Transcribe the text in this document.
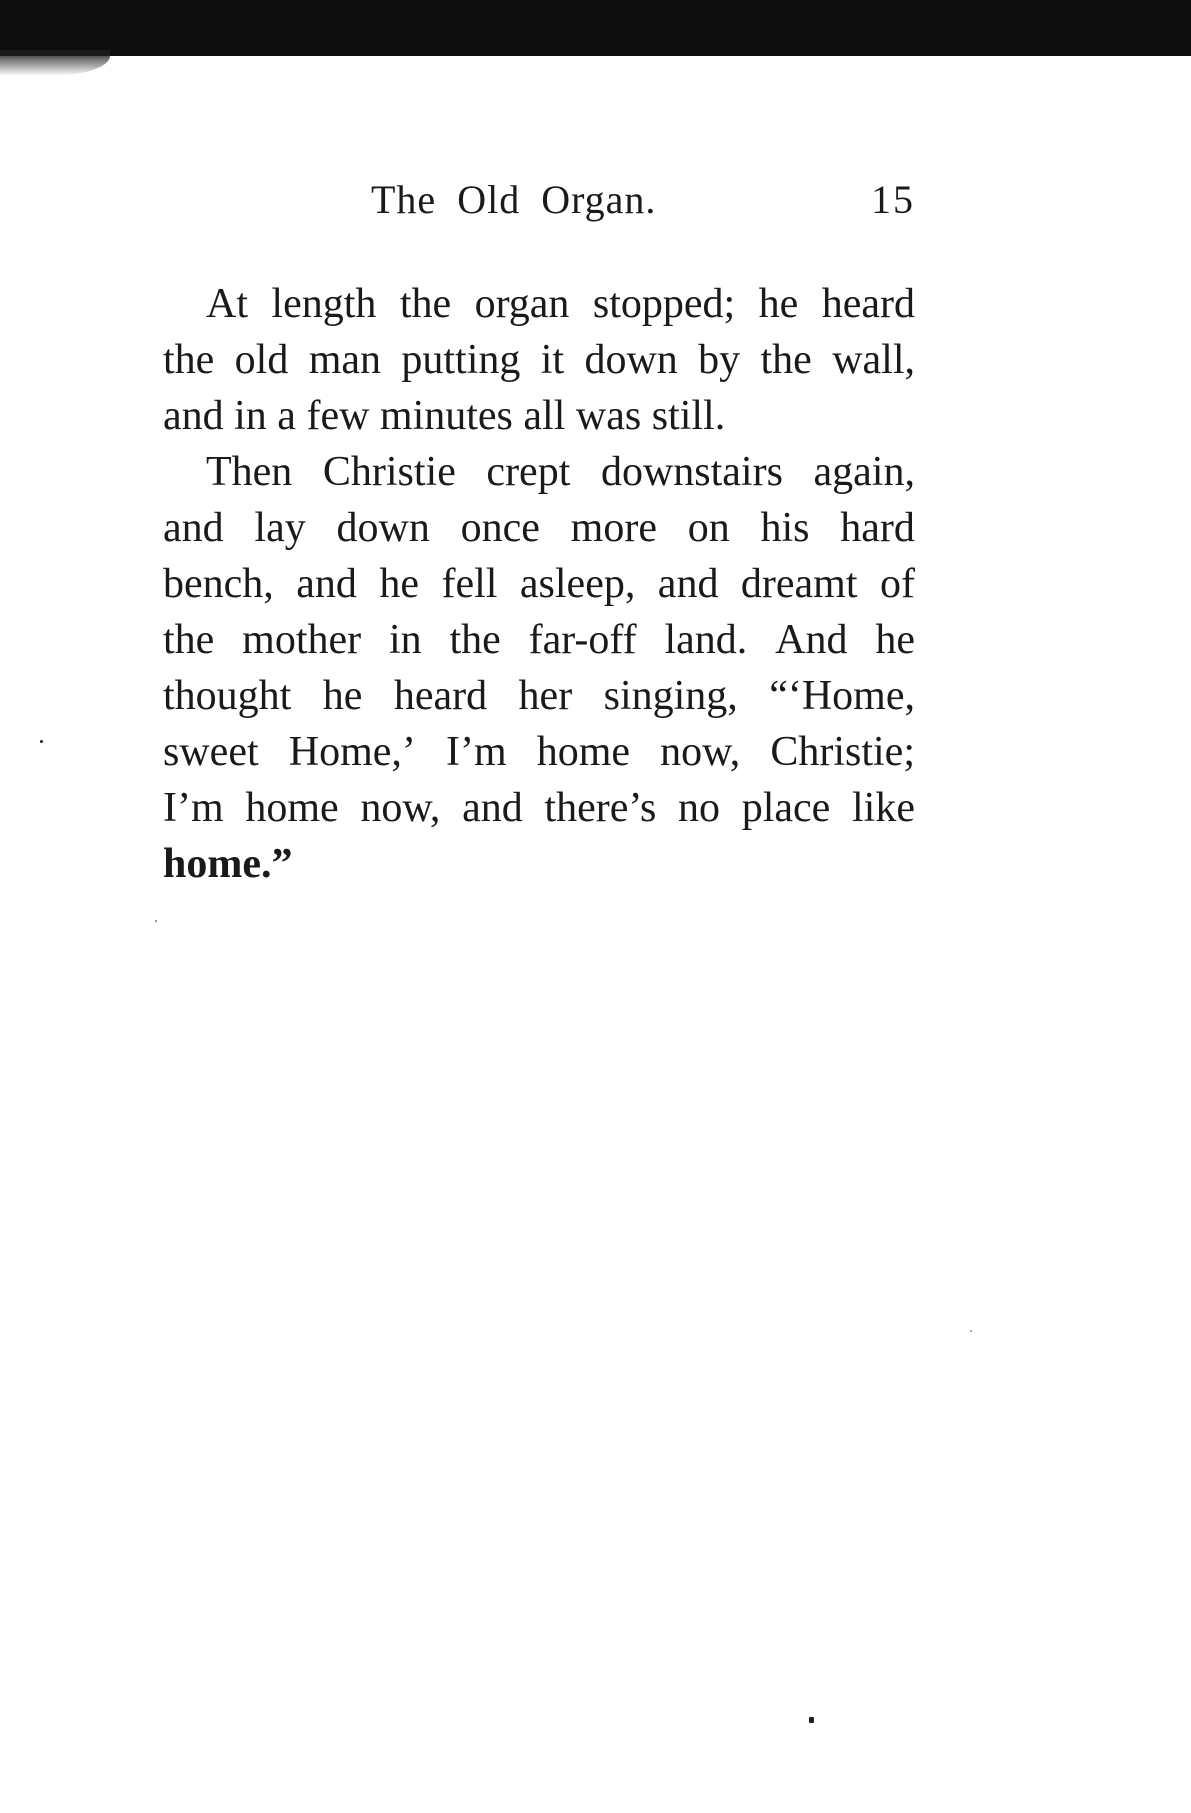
The Old Organ.	15
At length the organ stopped; he heard
the old man putting it down by the wall,
and in a few minutes all was still.
Then Christie crept downstairs again,
and lay down once more on his hard
bench, and he fell asleep, and dreamt of
the mother in the far-off land. And he
thought he heard her singing, “‘Home,
sweet Home,’ I’m home now, Christie;
I’m home now, and there’s no place like
home.”
